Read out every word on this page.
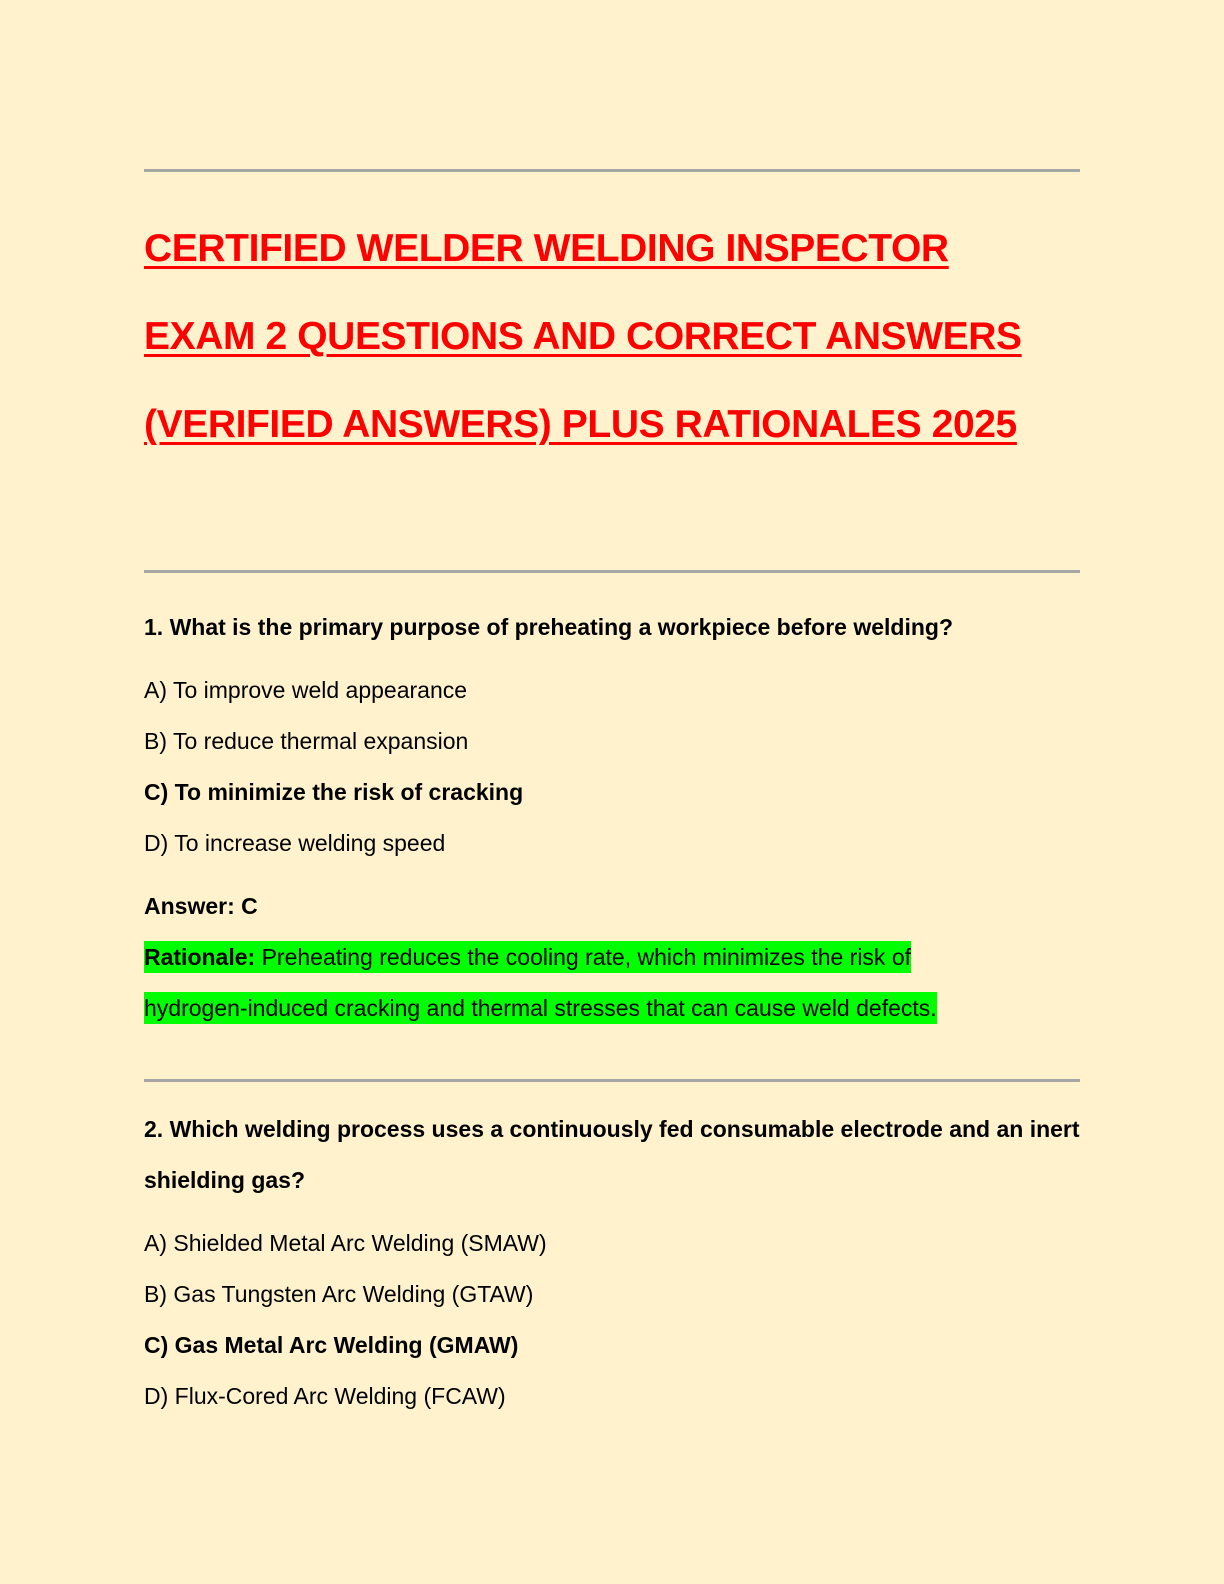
CERTIFIED WELDER WELDING INSPECTOR
EXAM 2 QUESTIONS AND CORRECT ANSWERS
(VERIFIED ANSWERS) PLUS RATIONALES 2025

1. What is the primary purpose of preheating a workpiece before welding?

A) To improve weld appearance

B) To reduce thermal expansion

C) To minimize the risk of cracking

D) To increase welding speed

Answer: C

Rationale: Preheating reduces the cooling rate, which minimizes the risk of
hydrogen-induced cracking and thermal stresses that can cause weld defects.

2. Which welding process uses a continuously fed consumable electrode and an inert shielding gas?

A) Shielded Metal Arc Welding (SMAW)

B) Gas Tungsten Arc Welding (GTAW)

C) Gas Metal Arc Welding (GMAW)

D) Flux-Cored Arc Welding (FCAW)
